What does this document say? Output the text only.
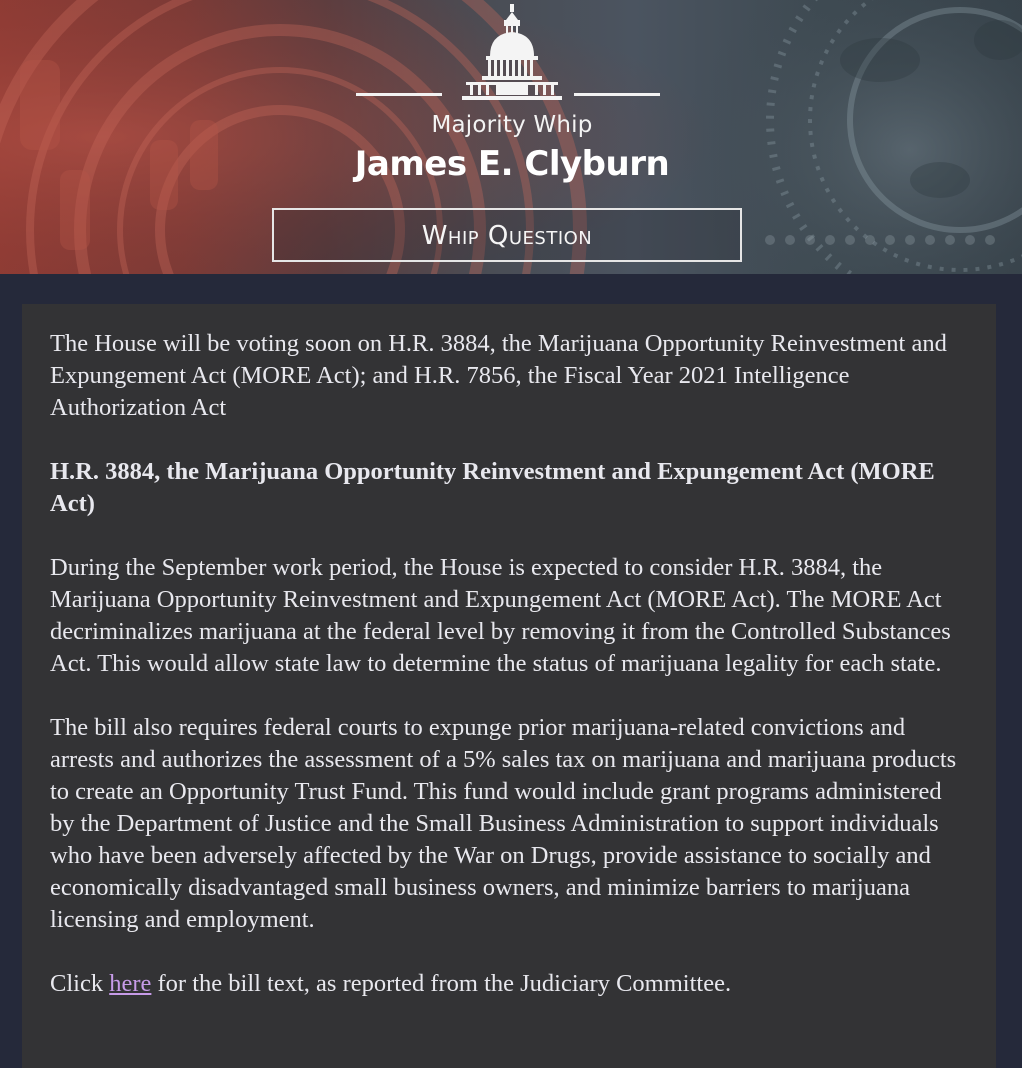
Majority Whip
James E. Clyburn
Whip Question

The House will be voting soon on H.R. 3884, the Marijuana Opportunity Reinvestment and Expungement Act (MORE Act); and H.R. 7856, the Fiscal Year 2021 Intelligence Authorization Act

H.R. 3884, the Marijuana Opportunity Reinvestment and Expungement Act (MORE Act)

During the September work period, the House is expected to consider H.R. 3884, the Marijuana Opportunity Reinvestment and Expungement Act (MORE Act). The MORE Act decriminalizes marijuana at the federal level by removing it from the Controlled Substances Act. This would allow state law to determine the status of marijuana legality for each state.

The bill also requires federal courts to expunge prior marijuana-related convictions and arrests and authorizes the assessment of a 5% sales tax on marijuana and marijuana products to create an Opportunity Trust Fund. This fund would include grant programs administered by the Department of Justice and the Small Business Administration to support individuals who have been adversely affected by the War on Drugs, provide assistance to socially and economically disadvantaged small business owners, and minimize barriers to marijuana licensing and employment.

Click here for the bill text, as reported from the Judiciary Committee.
